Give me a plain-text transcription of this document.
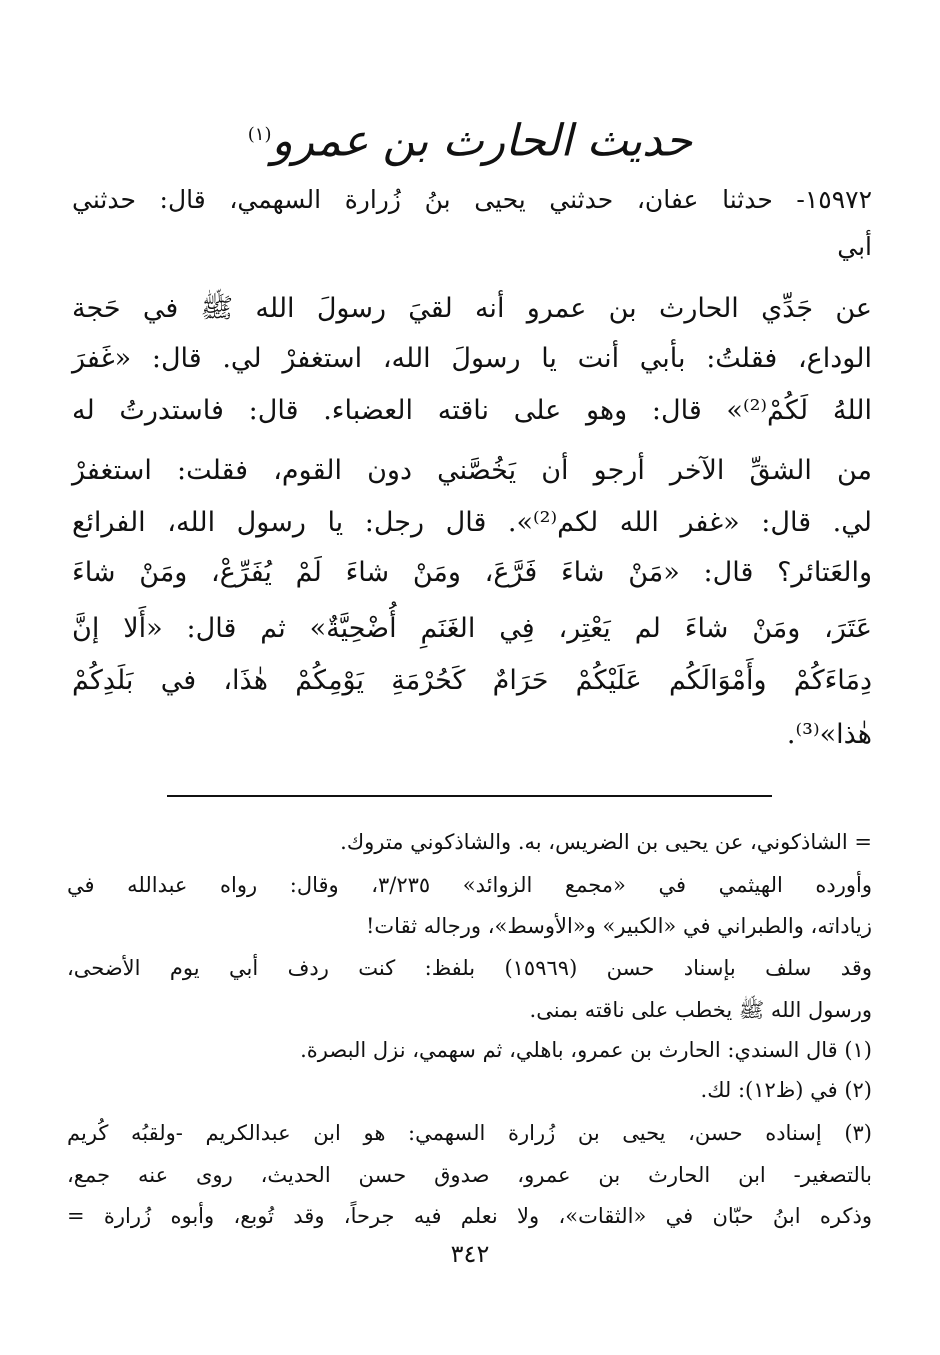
حديث الحارث بن عمرو$^{(١)}$
١٥٩٧٢- حدثنا عفان، حدثني يحيى بنُ زُرارة السهمي، قال: حدثني
أبي
عن جَدِّي الحارث بن عمرو أنه لقيَ رسولَ الله ﷺ في حَجة
الوداع، فقلتُ: بأبي أنت يا رسولَ الله، استغفرْ لي. قال: «غَفرَ
اللهُ لَكُمْ⁽²⁾» قال: وهو على ناقته العضباء. قال: فاستدرتُ له
من الشقِّ الآخر أرجو أن يَخُصَّني دون القوم، فقلت: استغفرْ
لي. قال: «غفر الله لكم⁽²⁾». قال رجل: يا رسول الله، الفرائع
والعَتائر؟ قال: «مَنْ شاءَ فَرَّعَ، ومَنْ شاءَ لَمْ يُفَرِّعْ، ومَنْ شاءَ
عَتَرَ، ومَنْ شاءَ لم يَعْتِر، فِي الغَنَمِ أُضْحِيَّةٌ» ثم قال: «أَلا إنَّ
دِمَاءَكُمْ وأَمْوَالَكُم عَلَيْكُمْ حَرَامٌ كَحُرْمَةِ يَوْمِكُمْ هٰذَا، في بَلَدِكُمْ
هٰذا»⁽³⁾.
= الشاذكوني، عن يحيى بن الضريس، به. والشاذكوني متروك.
وأورده الهيثمي في «مجمع الزوائد» ٣/٢٣٥، وقال: رواه عبدالله في
زياداته، والطبراني في «الكبير» و«الأوسط»، ورجاله ثقات!
وقد سلف بإسناد حسن (١٥٩٦٩) بلفظ: كنت ردف أبي يوم الأضحى،
ورسول الله ﷺ يخطب على ناقته بمنى.
(١) قال السندي: الحارث بن عمرو، باهلي، ثم سهمي، نزل البصرة.
(٢) في (ظ١٢): لك.
(٣) إسناده حسن، يحيى بن زُرارة السهمي: هو ابن عبدالكريم -ولقبُه كُريم
بالتصغير- ابن الحارث بن عمرو، صدوق حسن الحديث، روى عنه جمع،
وذكره ابنُ حبّان في «الثقات»، ولا نعلم فيه جرحاً، وقد تُوبع، وأبوه زُرارة =
٣٤٢
